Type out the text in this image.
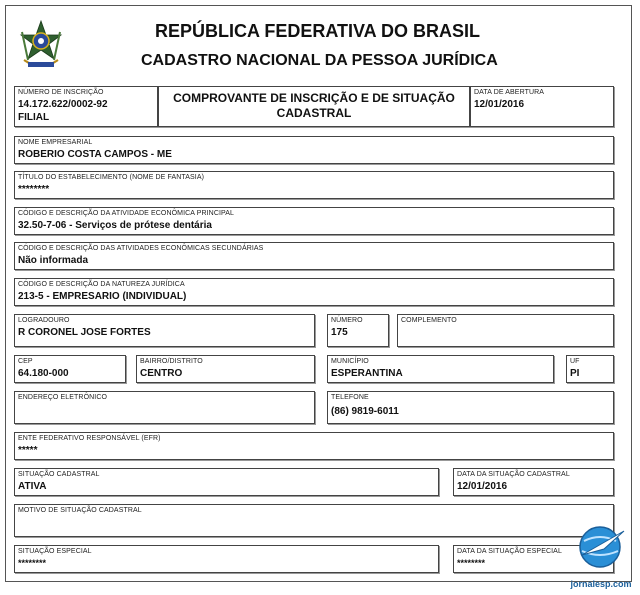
REPÚBLICA FEDERATIVA DO BRASIL
CADASTRO NACIONAL DA PESSOA JURÍDICA
NÚMERO DE INSCRIÇÃO
14.172.622/0002-92
FILIAL
COMPROVANTE DE INSCRIÇÃO E DE SITUAÇÃO
CADASTRAL
DATA DE ABERTURA
12/01/2016
NOME EMPRESARIAL
ROBERIO COSTA CAMPOS - ME
TÍTULO DO ESTABELECIMENTO (NOME DE FANTASIA)
********
CÓDIGO E DESCRIÇÃO DA ATIVIDADE ECONÔMICA PRINCIPAL
32.50-7-06 - Serviços de prótese dentária
CÓDIGO E DESCRIÇÃO DAS ATIVIDADES ECONÔMICAS SECUNDÁRIAS
Não informada
CÓDIGO E DESCRIÇÃO DA NATUREZA JURÍDICA
213-5 - EMPRESARIO (INDIVIDUAL)
LOGRADOURO
R CORONEL JOSE FORTES
NÚMERO
175
COMPLEMENTO
CEP
64.180-000
BAIRRO/DISTRITO
CENTRO
MUNICÍPIO
ESPERANTINA
UF
PI
ENDEREÇO ELETRÔNICO	TELEFONE
(86) 9819-6011
ENTE FEDERATIVO RESPONSÁVEL (EFR)
*****
SITUAÇÃO CADASTRAL
ATIVA
DATA DA SITUAÇÃO CADASTRAL
12/01/2016
MOTIVO DE SITUAÇÃO CADASTRAL
SITUAÇÃO ESPECIAL
********
DATA DA SITUAÇÃO ESPECIAL
********
jornalesp.com
